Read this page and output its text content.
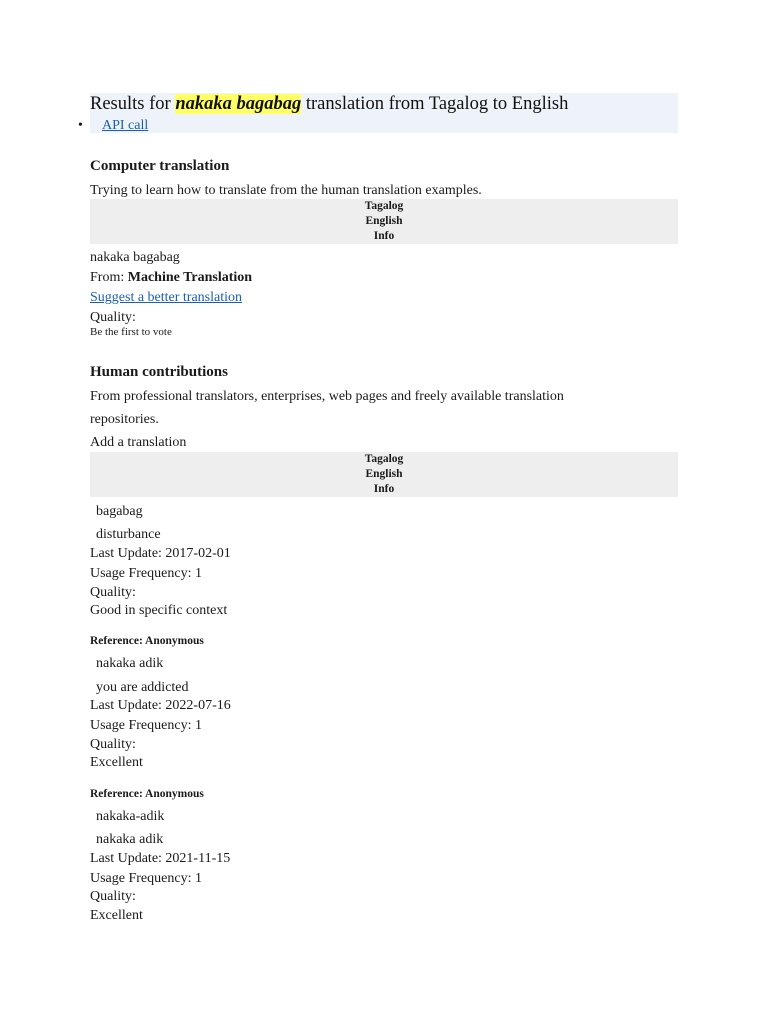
Results for nakaka bagabag translation from Tagalog to English
• API call
Computer translation
Trying to learn how to translate from the human translation examples.
Tagalog
English
Info
nakaka bagabag
From: Machine Translation
Suggest a better translation
Quality:
Be the first to vote
Human contributions
From professional translators, enterprises, web pages and freely available translation
repositories.
Add a translation
Tagalog
English
Info
bagabag
disturbance
Last Update: 2017-02-01
Usage Frequency: 1
Quality:
Good in specific context
Reference: Anonymous
nakaka adik
you are addicted
Last Update: 2022-07-16
Usage Frequency: 1
Quality:
Excellent
Reference: Anonymous
nakaka-adik
nakaka adik
Last Update: 2021-11-15
Usage Frequency: 1
Quality:
Excellent
